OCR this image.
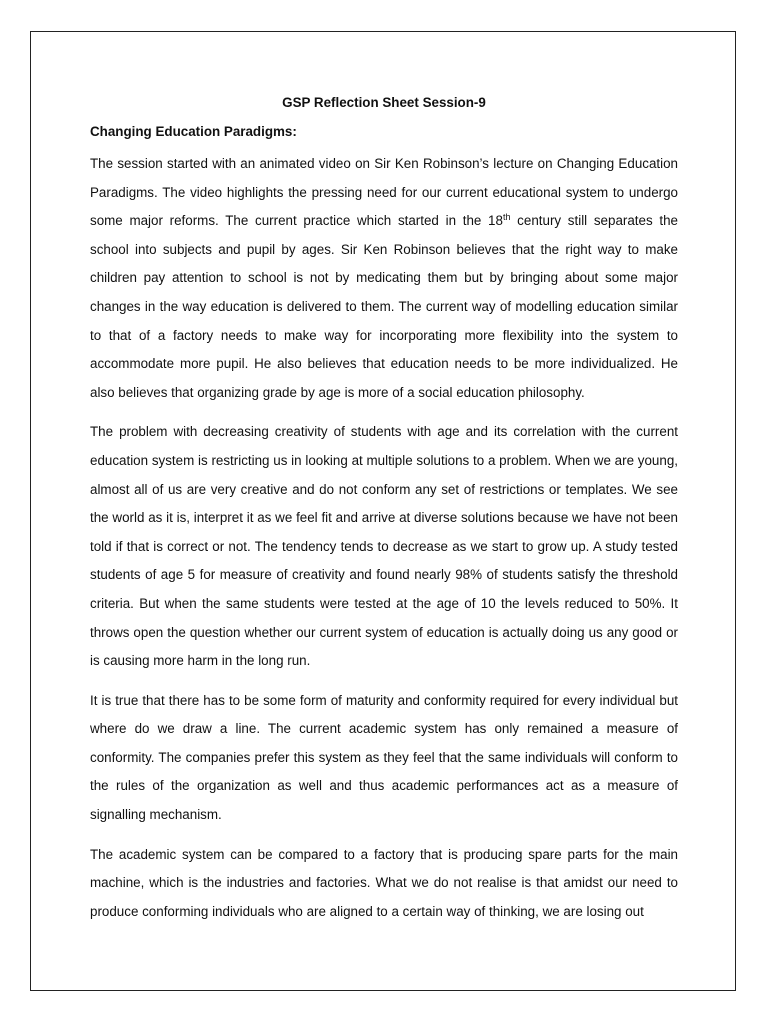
GSP Reflection Sheet Session-9
Changing Education Paradigms:

The session started with an animated video on Sir Ken Robinson’s lecture on Changing Education Paradigms. The video highlights the pressing need for our current educational system to undergo some major reforms. The current practice which started in the 18th century still separates the school into subjects and pupil by ages. Sir Ken Robinson believes that the right way to make children pay attention to school is not by medicating them but by bringing about some major changes in the way education is delivered to them. The current way of modelling education similar to that of a factory needs to make way for incorporating more flexibility into the system to accommodate more pupil. He also believes that education needs to be more individualized. He also believes that organizing grade by age is more of a social education philosophy.

The problem with decreasing creativity of students with age and its correlation with the current education system is restricting us in looking at multiple solutions to a problem. When we are young, almost all of us are very creative and do not conform any set of restrictions or templates. We see the world as it is, interpret it as we feel fit and arrive at diverse solutions because we have not been told if that is correct or not. The tendency tends to decrease as we start to grow up. A study tested students of age 5 for measure of creativity and found nearly 98% of students satisfy the threshold criteria. But when the same students were tested at the age of 10 the levels reduced to 50%. It throws open the question whether our current system of education is actually doing us any good or is causing more harm in the long run.

It is true that there has to be some form of maturity and conformity required for every individual but where do we draw a line. The current academic system has only remained a measure of conformity. The companies prefer this system as they feel that the same individuals will conform to the rules of the organization as well and thus academic performances act as a measure of signalling mechanism.

The academic system can be compared to a factory that is producing spare parts for the main machine, which is the industries and factories. What we do not realise is that amidst our need to produce conforming individuals who are aligned to a certain way of thinking, we are losing out
